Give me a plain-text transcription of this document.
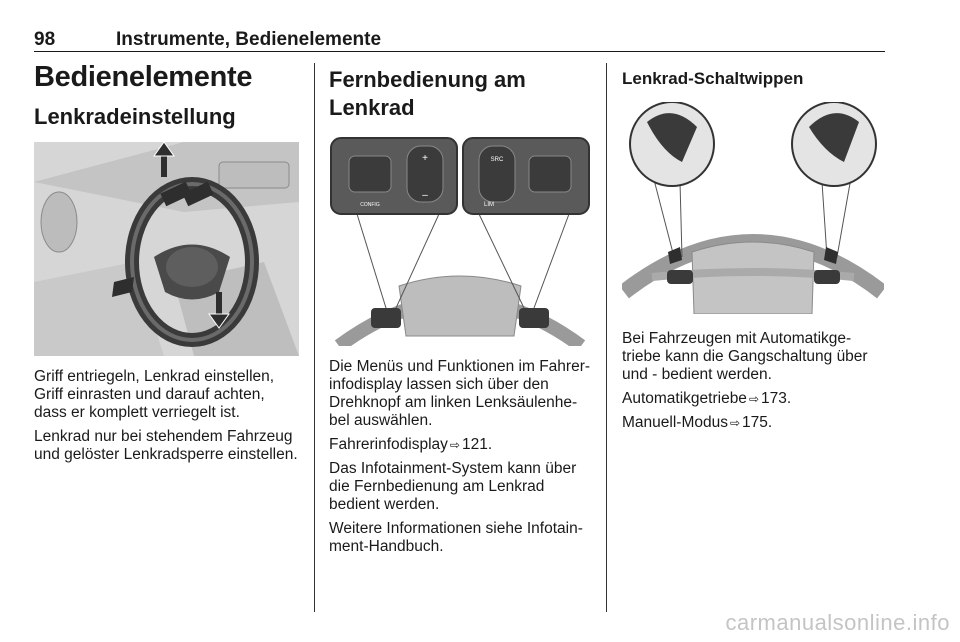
98	Instrumente, Bedienelemente
Bedienelemente
Lenkradeinstellung

Griff entriegeln, Lenkrad einstellen, Griff einrasten und darauf achten, dass er komplett verriegelt ist.

Lenkrad nur bei stehendem Fahrzeug und gelöster Lenkradsperre einstellen.

Fernbedienung am Lenkrad
+
–
CONFIG
SRC
LIM

Die Menüs und Funktionen im Fahrerinfodisplay lassen sich über den Drehknopf am linken Lenksäulenhebel auswählen.

Fahrerinfodisplay ⇨ 121.

Das Infotainment-System kann über die Fernbedienung am Lenkrad bedient werden.

Weitere Informationen siehe Infotainment-Handbuch.

Lenkrad-Schaltwippen

Bei Fahrzeugen mit Automatikgetriebe kann die Gangschaltung über und - bedient werden.

Automatikgetriebe ⇨ 173.

Manuell-Modus ⇨ 175.

carmanualsonline.info
